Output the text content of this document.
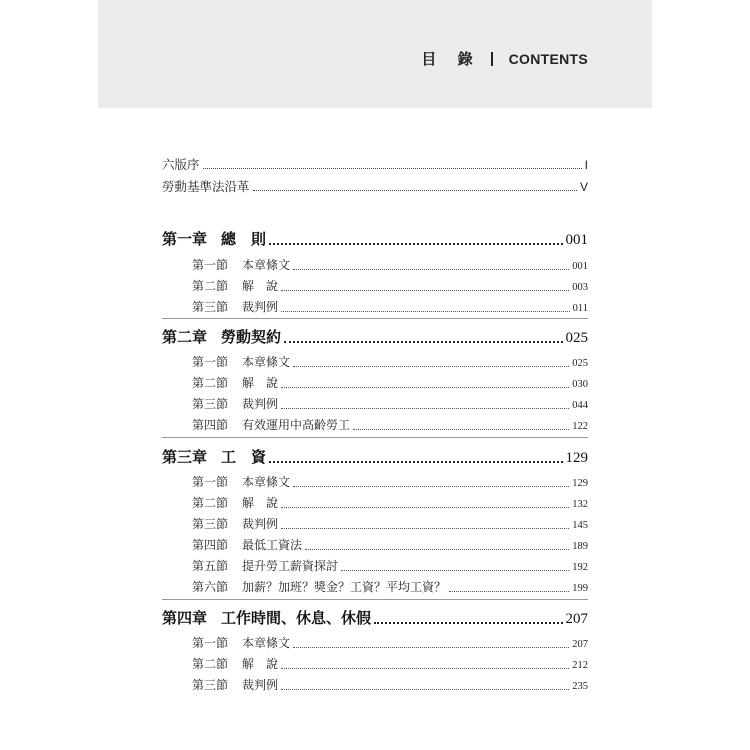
目 錄 CONTENTS
六版序	I
勞動基準法沿革	V
第一章 總　則	001
第一節 本章條文	001
第二節 解　說	003
第三節 裁判例	011
第二章 勞動契約	025
第一節 本章條文	025
第二節 解　說	030
第三節 裁判例	044
第四節 有效運用中高齡勞工	122
第三章 工　資	129
第一節 本章條文	129
第二節 解　說	132
第三節 裁判例	145
第四節 最低工資法	189
第五節 提升勞工薪資探討	192
第六節 加薪？加班？獎金？工資？平均工資？	199
第四章 工作時間、休息、休假	207
第一節 本章條文	207
第二節 解　說	212
第三節 裁判例	235
